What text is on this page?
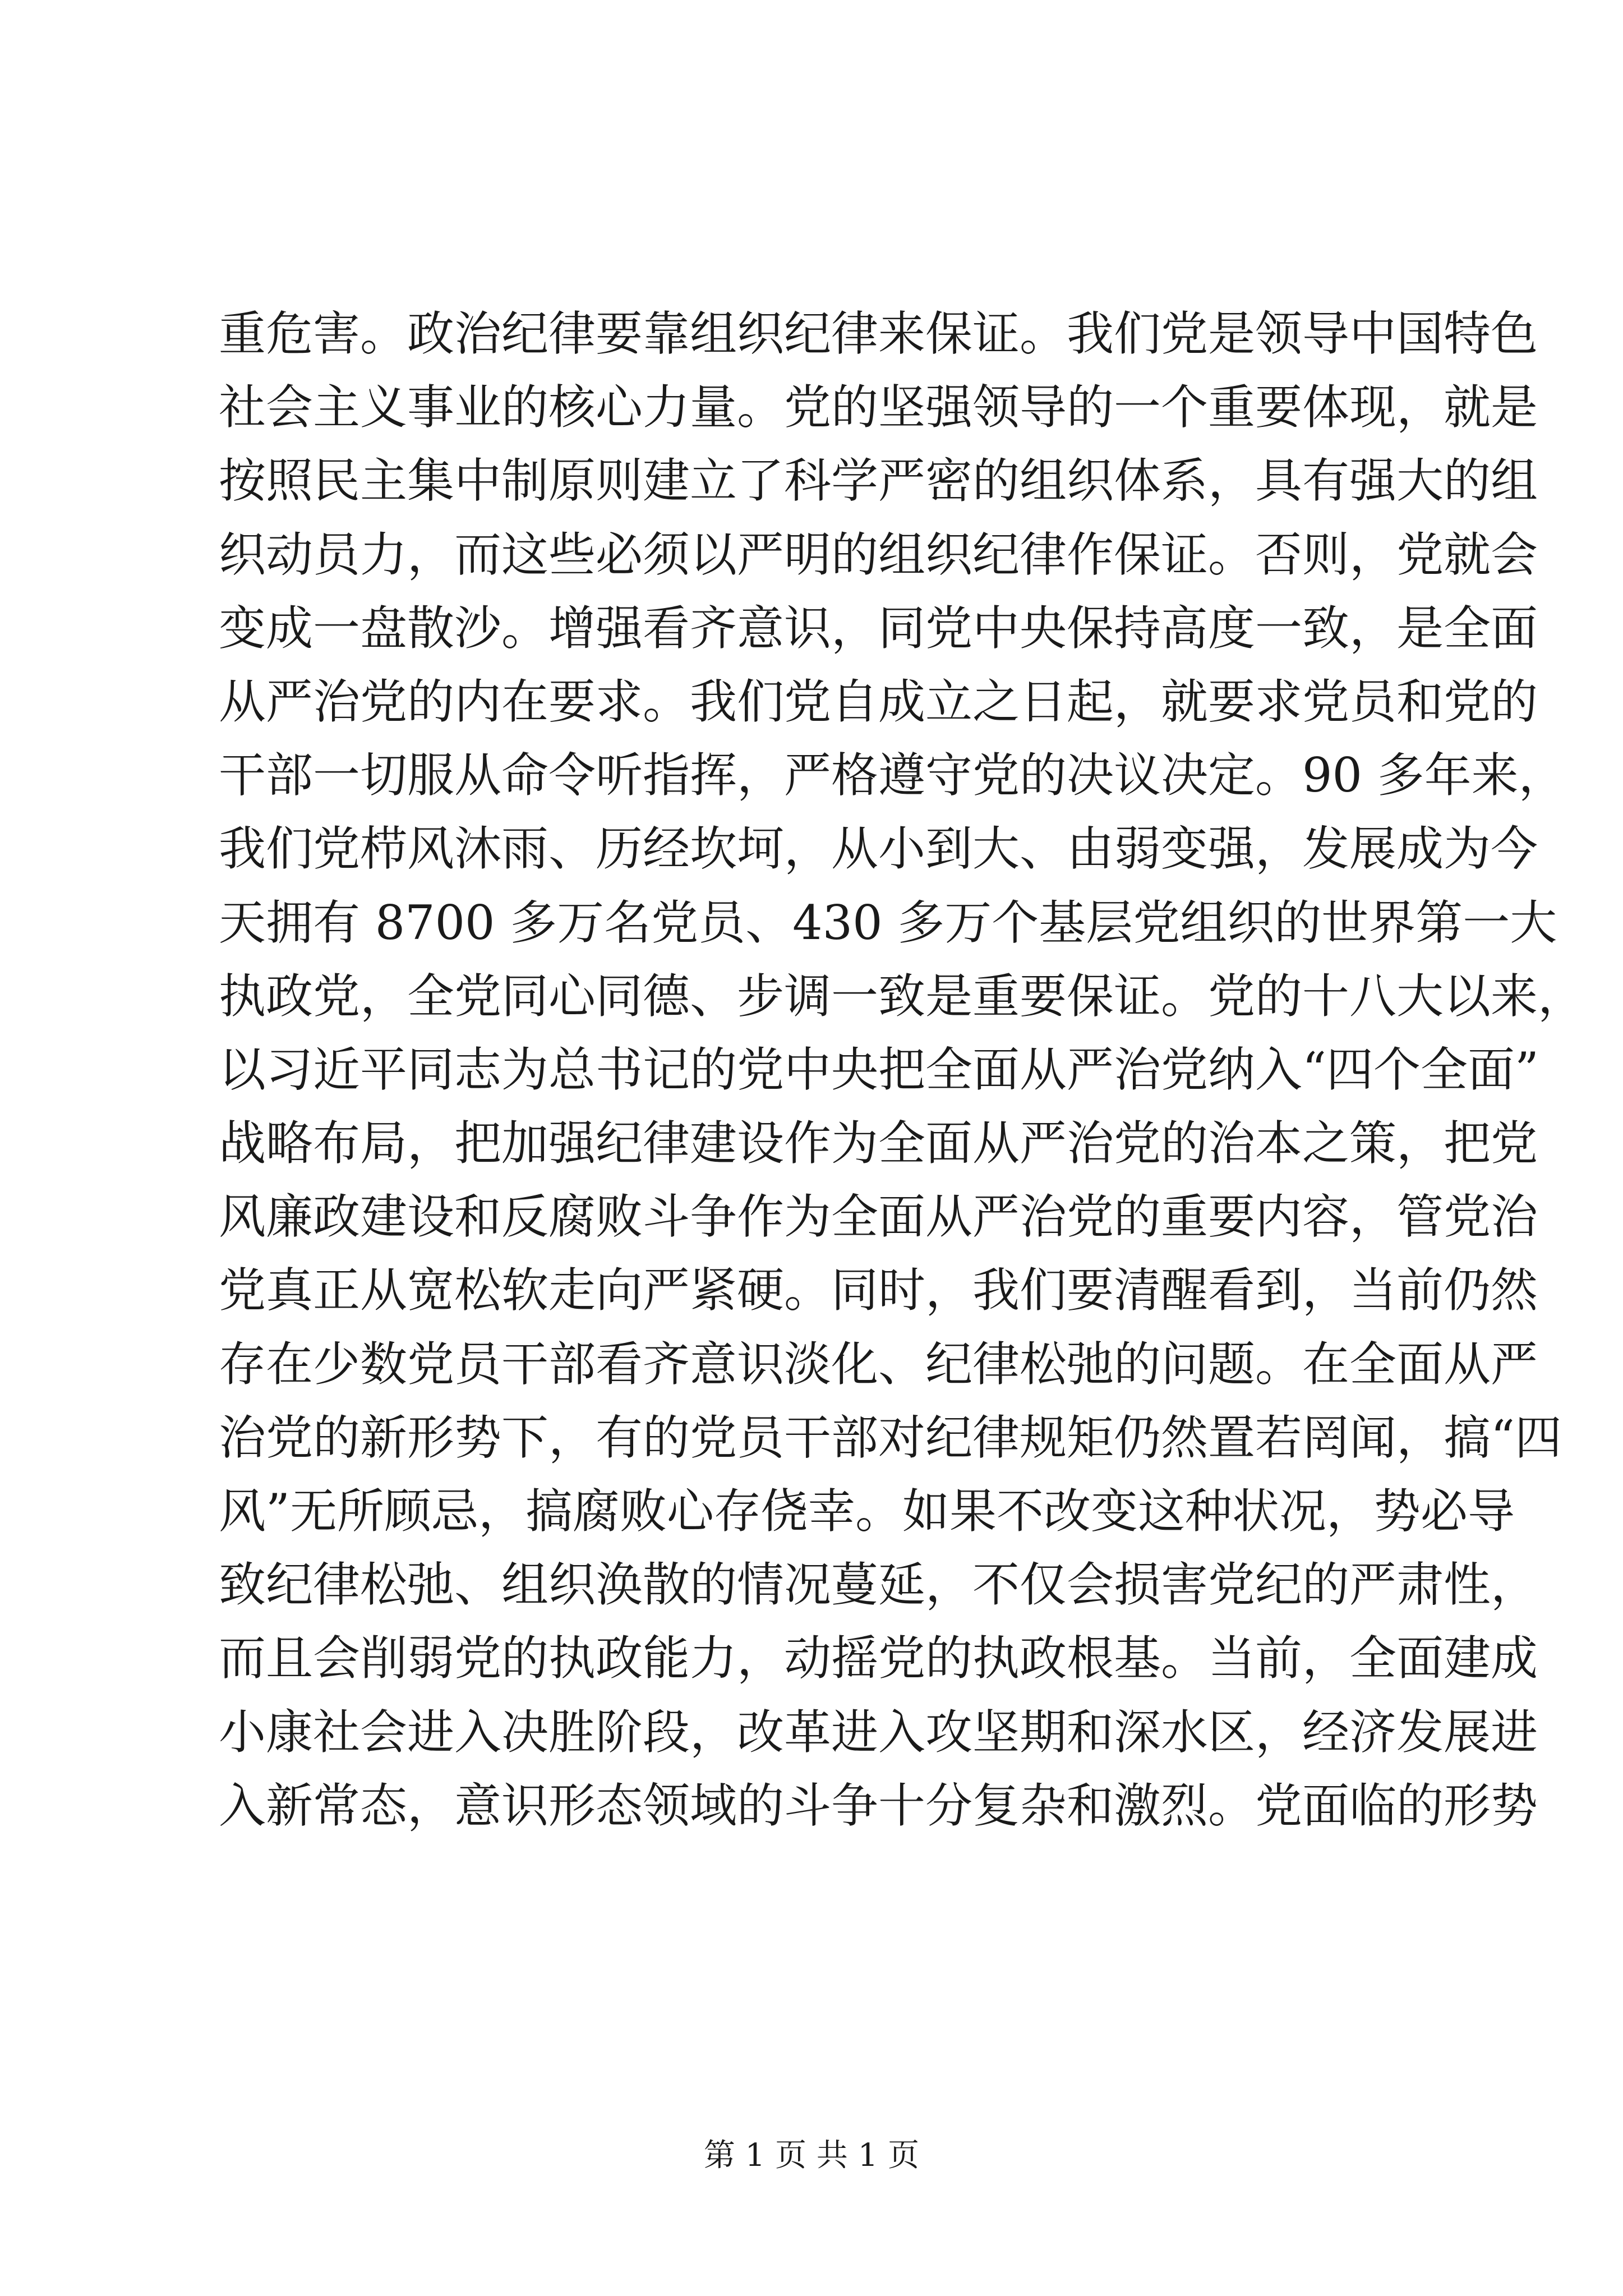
重危害。政治纪律要靠组织纪律来保证。我们党是领导中国特色
社会主义事业的核心力量。党的坚强领导的一个重要体现，就是
按照民主集中制原则建立了科学严密的组织体系，具有强大的组
织动员力，而这些必须以严明的组织纪律作保证。否则，党就会
变成一盘散沙。增强看齐意识，同党中央保持高度一致，是全面
从严治党的内在要求。我们党自成立之日起，就要求党员和党的
干部一切服从命令听指挥，严格遵守党的决议决定。90 多年来，
我们党栉风沐雨、历经坎坷，从小到大、由弱变强，发展成为今
天拥有 8700 多万名党员、430 多万个基层党组织的世界第一大
执政党，全党同心同德、步调一致是重要保证。党的十八大以来，
以习近平同志为总书记的党中央把全面从严治党纳入“四个全面”
战略布局，把加强纪律建设作为全面从严治党的治本之策，把党
风廉政建设和反腐败斗争作为全面从严治党的重要内容，管党治
党真正从宽松软走向严紧硬。同时，我们要清醒看到，当前仍然
存在少数党员干部看齐意识淡化、纪律松弛的问题。在全面从严
治党的新形势下，有的党员干部对纪律规矩仍然置若罔闻，搞“四
风”无所顾忌，搞腐败心存侥幸。如果不改变这种状况，势必导
致纪律松弛、组织涣散的情况蔓延，不仅会损害党纪的严肃性，
而且会削弱党的执政能力，动摇党的执政根基。当前，全面建成
小康社会进入决胜阶段，改革进入攻坚期和深水区，经济发展进
入新常态，意识形态领域的斗争十分复杂和激烈。党面临的形势
第 1 页 共 1 页
